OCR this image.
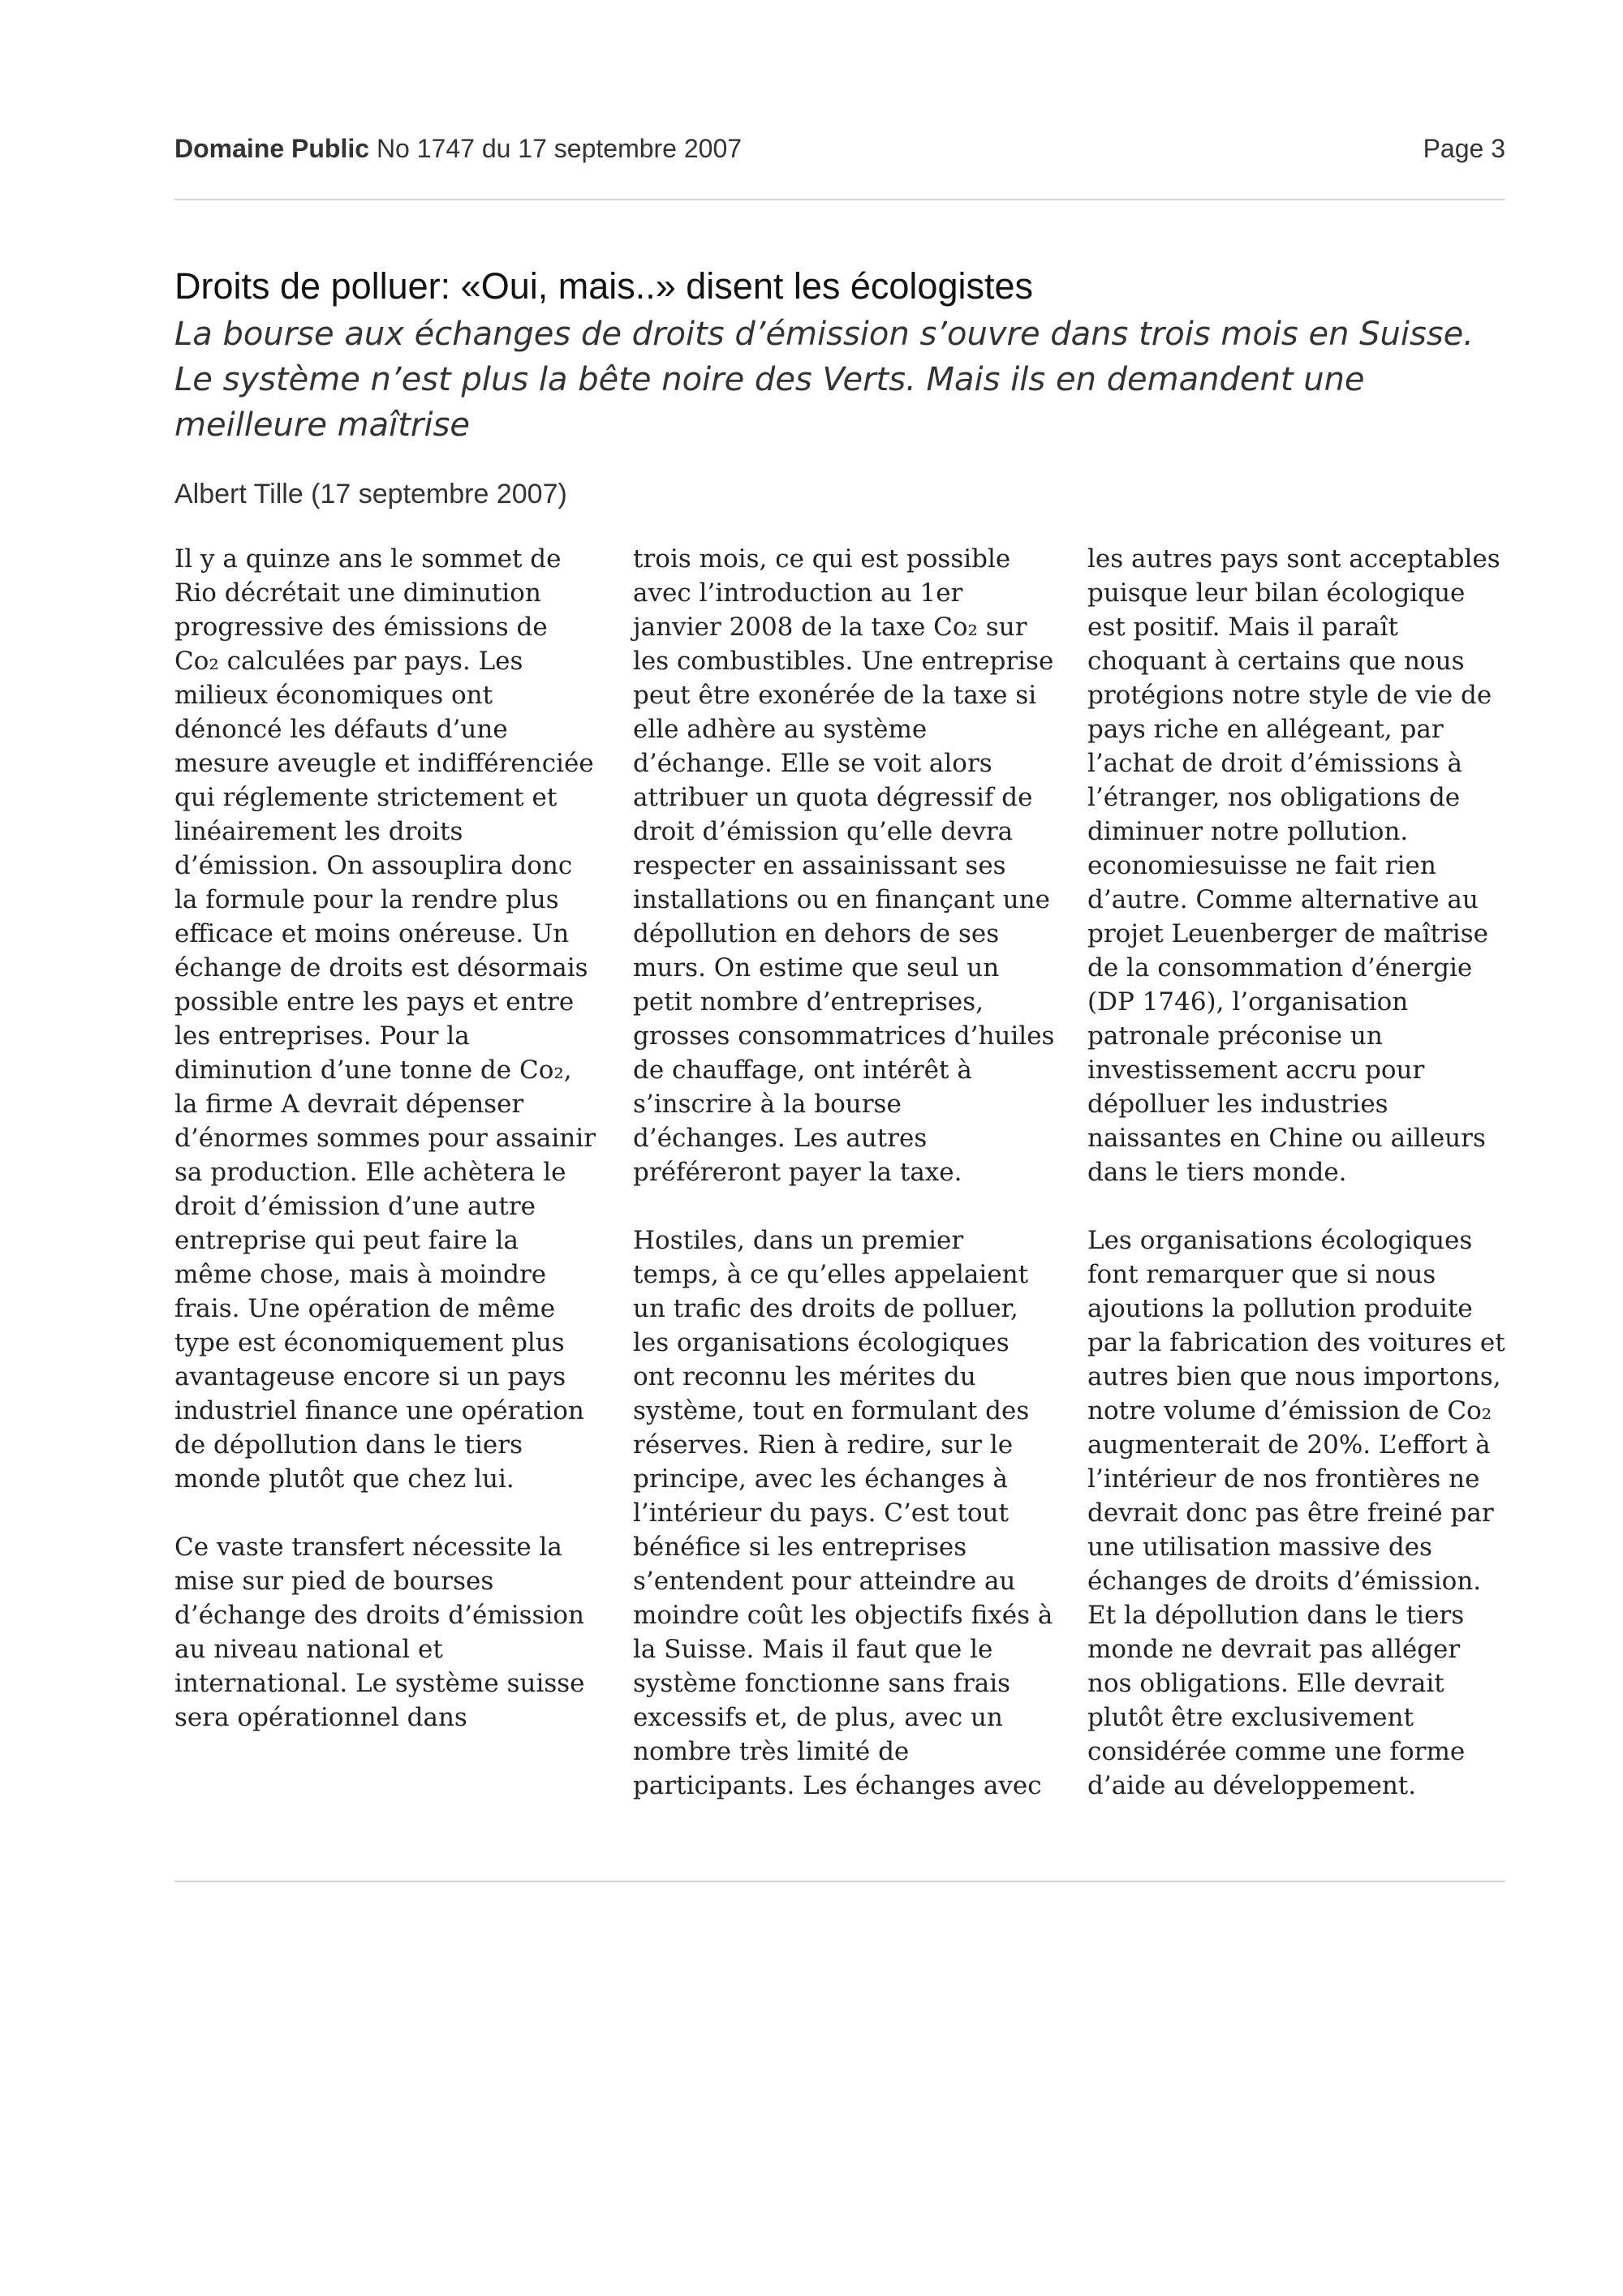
Domaine Public No 1747 du 17 septembre 2007	Page 3
Droits de polluer: «Oui, mais..» disent les écologistes

La bourse aux échanges de droits d’émission s’ouvre dans trois mois en Suisse. Le système n’est plus la bête noire des Verts. Mais ils en demandent une meilleure maîtrise

Albert Tille (17 septembre 2007)

Il y a quinze ans le sommet de Rio décrétait une diminution progressive des émissions de Co₂ calculées par pays. Les milieux économiques ont dénoncé les défauts d’une mesure aveugle et indifférenciée qui réglemente strictement et linéairement les droits d’émission. On assouplira donc la formule pour la rendre plus efficace et moins onéreuse. Un échange de droits est désormais possible entre les pays et entre les entreprises. Pour la diminution d’une tonne de Co₂, la firme A devrait dépenser d’énormes sommes pour assainir sa production. Elle achètera le droit d’émission d’une autre entreprise qui peut faire la même chose, mais à moindre frais. Une opération de même type est économiquement plus avantageuse encore si un pays industriel finance une opération de dépollution dans le tiers monde plutôt que chez lui.

Ce vaste transfert nécessite la mise sur pied de bourses d’échange des droits d’émission au niveau national et international. Le système suisse sera opérationnel dans

trois mois, ce qui est possible avec l’introduction au 1er janvier 2008 de la taxe Co₂ sur les combustibles. Une entreprise peut être exonérée de la taxe si elle adhère au système d’échange. Elle se voit alors attribuer un quota dégressif de droit d’émission qu’elle devra respecter en assainissant ses installations ou en finançant une dépollution en dehors de ses murs. On estime que seul un petit nombre d’entreprises, grosses consommatrices d’huiles de chauffage, ont intérêt à s’inscrire à la bourse d’échanges. Les autres préféreront payer la taxe.

Hostiles, dans un premier temps, à ce qu’elles appelaient un trafic des droits de polluer, les organisations écologiques ont reconnu les mérites du système, tout en formulant des réserves. Rien à redire, sur le principe, avec les échanges à l’intérieur du pays. C’est tout bénéfice si les entreprises s’entendent pour atteindre au moindre coût les objectifs fixés à la Suisse. Mais il faut que le système fonctionne sans frais excessifs et, de plus, avec un nombre très limité de participants. Les échanges avec

les autres pays sont acceptables puisque leur bilan écologique est positif. Mais il paraît choquant à certains que nous protégions notre style de vie de pays riche en allégeant, par l’achat de droit d’émissions à l’étranger, nos obligations de diminuer notre pollution. economiesuisse ne fait rien d’autre. Comme alternative au projet Leuenberger de maîtrise de la consommation d’énergie (DP 1746), l’organisation patronale préconise un investissement accru pour dépolluer les industries naissantes en Chine ou ailleurs dans le tiers monde.

Les organisations écologiques font remarquer que si nous ajoutions la pollution produite par la fabrication des voitures et autres bien que nous importons, notre volume d’émission de Co₂ augmenterait de 20%. L’effort à l’intérieur de nos frontières ne devrait donc pas être freiné par une utilisation massive des échanges de droits d’émission. Et la dépollution dans le tiers monde ne devrait pas alléger nos obligations. Elle devrait plutôt être exclusivement considérée comme une forme d’aide au développement.
